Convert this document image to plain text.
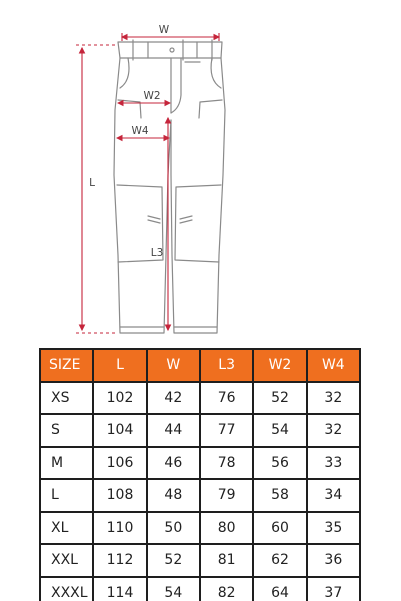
W
W2
W4
L
L3
SIZE	L	W	L3	W2	W4
XS	102	42	76	52	32
S	104	44	77	54	32
M	106	46	78	56	33
L	108	48	79	58	34
XL	110	50	80	60	35
XXL	112	52	81	62	36
XXXL	114	54	82	64	37
